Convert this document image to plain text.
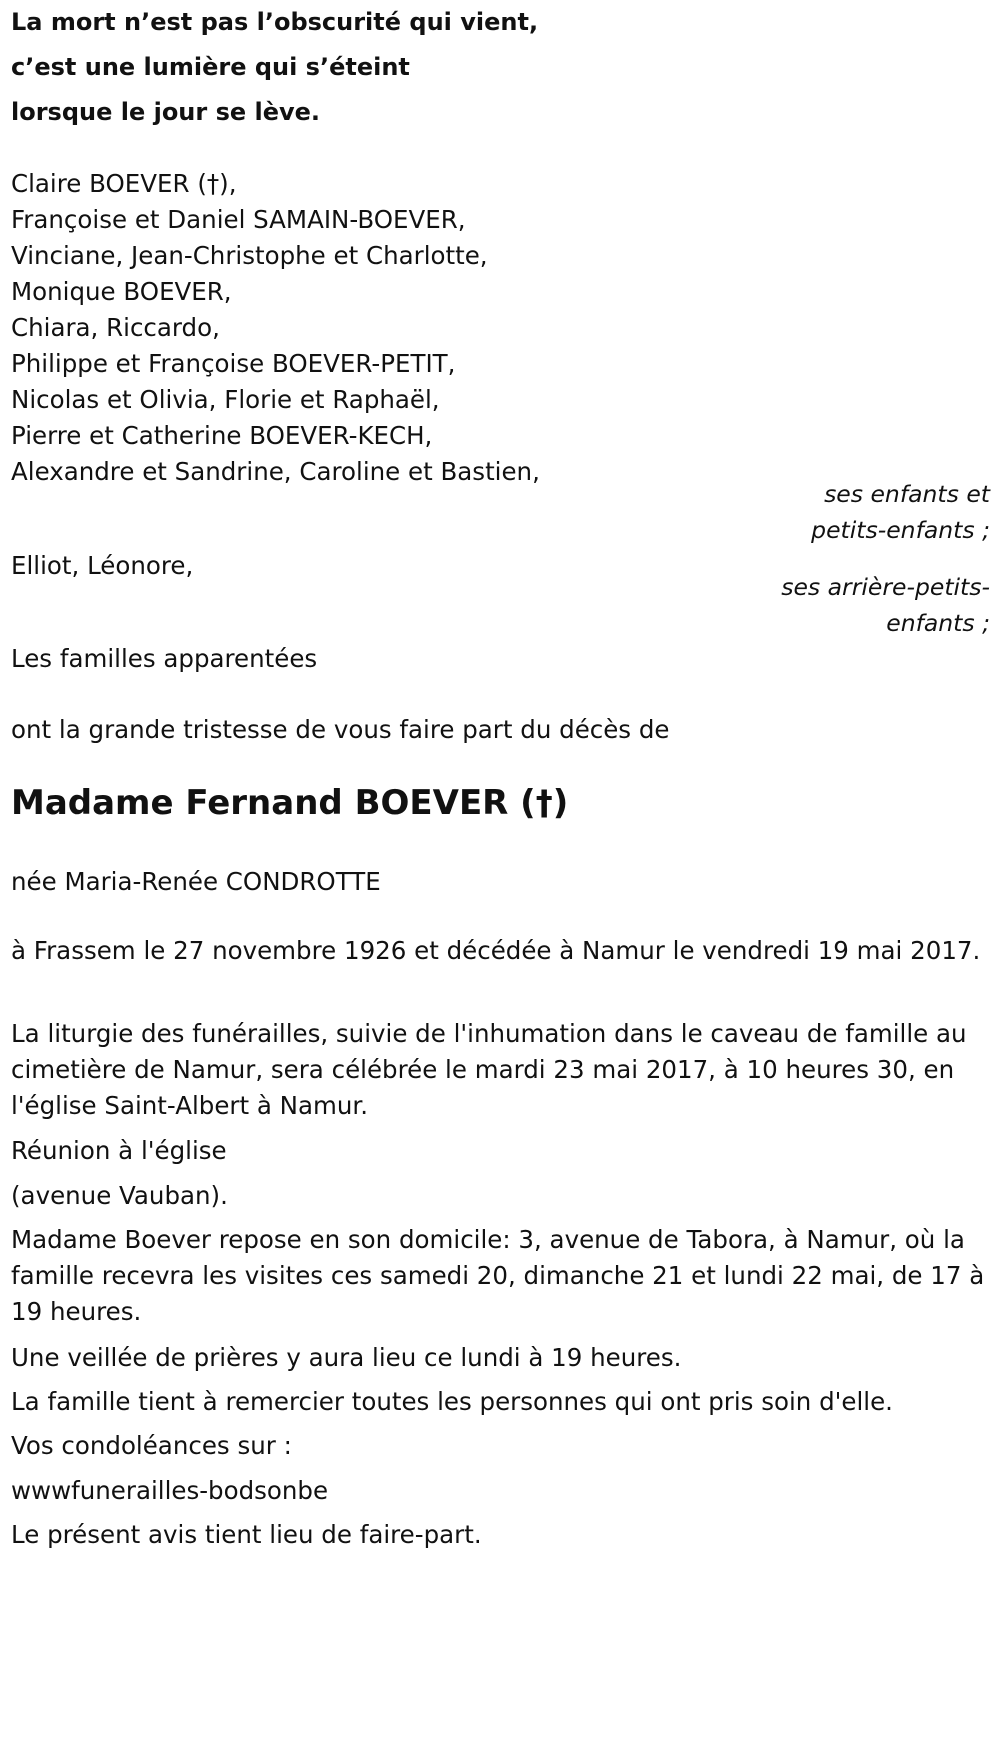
La mort n’est pas l’obscurité qui vient,
c’est une lumière qui s’éteint
lorsque le jour se lève.
Claire BOEVER (†),
Françoise et Daniel SAMAIN-BOEVER,
Vinciane, Jean-Christophe et Charlotte,
Monique BOEVER,
Chiara, Riccardo,
Philippe et Françoise BOEVER-PETIT,
Nicolas et Olivia, Florie et Raphaël,
Pierre et Catherine BOEVER-KECH,
Alexandre et Sandrine, Caroline et Bastien,
ses enfants et
petits-enfants ;
Elliot, Léonore,
ses arrière-petits-
enfants ;
Les familles apparentées
ont la grande tristesse de vous faire part du décès de
Madame Fernand BOEVER (†)
née Maria-Renée CONDROTTE
à Frassem le 27 novembre 1926 et décédée à Namur le vendredi 19 mai 2017.
La liturgie des funérailles, suivie de l'inhumation dans le caveau de famille au cimetière de Namur, sera célébrée le mardi 23 mai 2017, à 10 heures 30, en l'église Saint-Albert à Namur.
Réunion à l'église
(avenue Vauban).
Madame Boever repose en son domicile: 3, avenue de Tabora, à Namur, où la famille recevra les visites ces samedi 20, dimanche 21 et lundi 22 mai, de 17 à 19 heures.
Une veillée de prières y aura lieu ce lundi à 19 heures.
La famille tient à remercier toutes les personnes qui ont pris soin d'elle.
Vos condoléances sur :
wwwfunerailles-bodsonbe
Le présent avis tient lieu de faire-part.
